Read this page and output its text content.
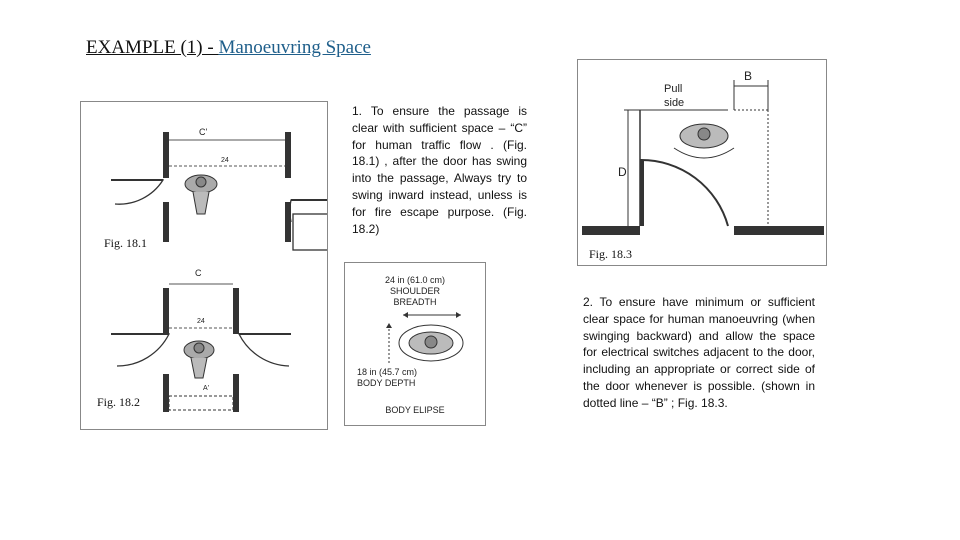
EXAMPLE (1) - Manoeuvring Space
C'
24
C
24
A'
Fig. 18.1
Fig. 18.2
1. To ensure the passage is clear with sufficient space – “C” for human traffic flow . (Fig. 18.1) , after the door has swing into the passage, Always try to swing inward instead, unless is for fire escape purpose. (Fig. 18.2)
B
D
Pull
side
Fig. 18.3
24 in (61.0 cm)
SHOULDER
BREADTH
18 in (45.7 cm)
BODY DEPTH
BODY ELIPSE
2. To ensure have minimum or sufficient clear space for human manoeuvring (when swinging backward) and allow the space for electrical switches adjacent to the door, including an appropriate or correct side of the door whenever is possible. (shown in dotted line – “B” ; Fig. 18.3.
